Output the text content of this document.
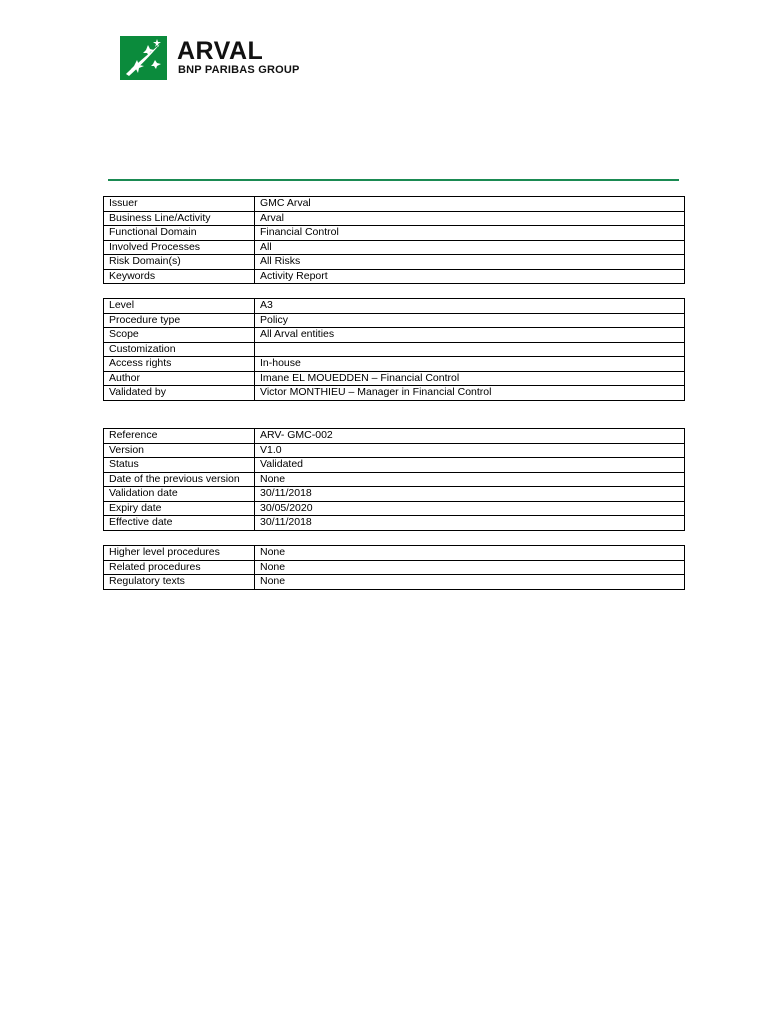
ARVAL
BNP PARIBAS GROUP
Issuer	GMC Arval
Business Line/Activity	Arval
Functional Domain	Financial Control
Involved Processes	All
Risk Domain(s)	All Risks
Keywords	Activity Report
Level	A3
Procedure type	Policy
Scope	All Arval entities
Customization	
Access rights	In-house
Author	Imane EL MOUEDDEN – Financial Control
Validated by	Victor MONTHIEU – Manager in Financial Control
Reference	ARV- GMC-002
Version	V1.0
Status	Validated
Date of the previous version	None
Validation date	30/11/2018
Expiry date	30/05/2020
Effective date	30/11/2018
Higher level procedures	None
Related procedures	None
Regulatory texts	None
